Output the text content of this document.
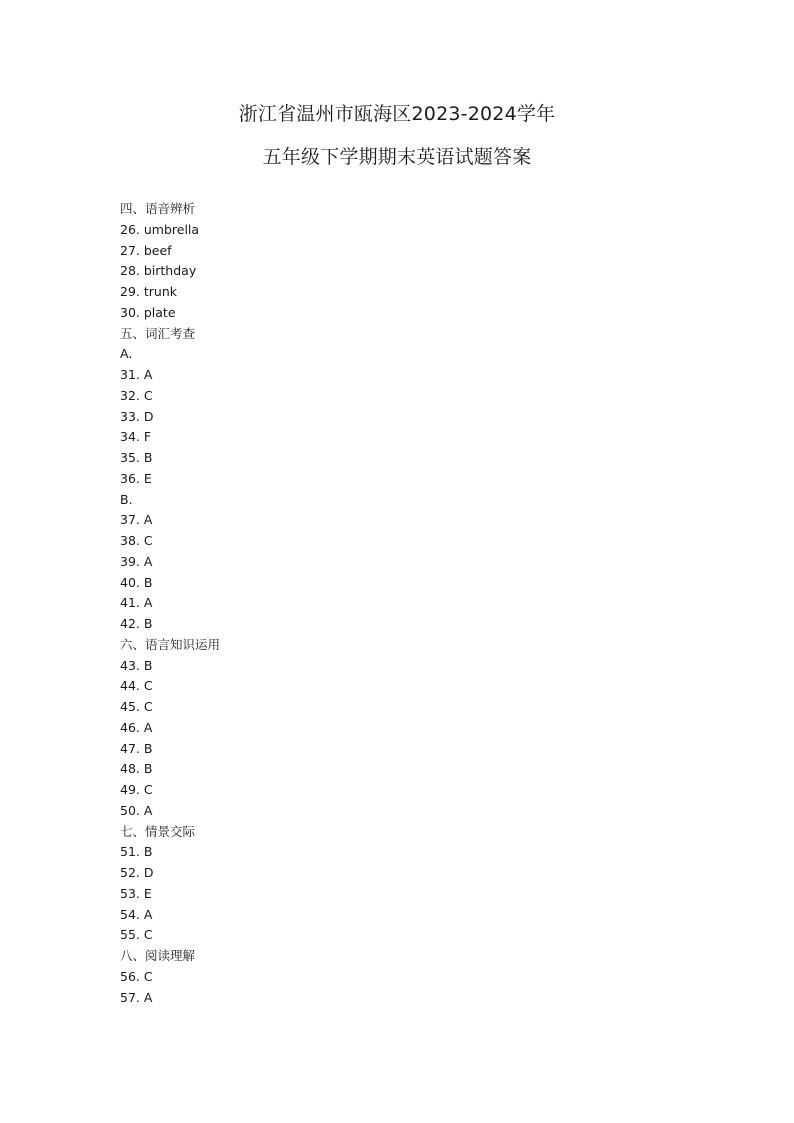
浙江省温州市瓯海区2023-2024学年
五年级下学期期末英语试题答案
四、语音辨析
26. umbrella
27. beef
28. birthday
29. trunk
30. plate
五、词汇考查
A.
31. A
32. C
33. D
34. F
35. B
36. E
B.
37. A
38. C
39. A
40. B
41. A
42. B
六、语言知识运用
43. B
44. C
45. C
46. A
47. B
48. B
49. C
50. A
七、情景交际
51. B
52. D
53. E
54. A
55. C
八、阅读理解
56. C
57. A
